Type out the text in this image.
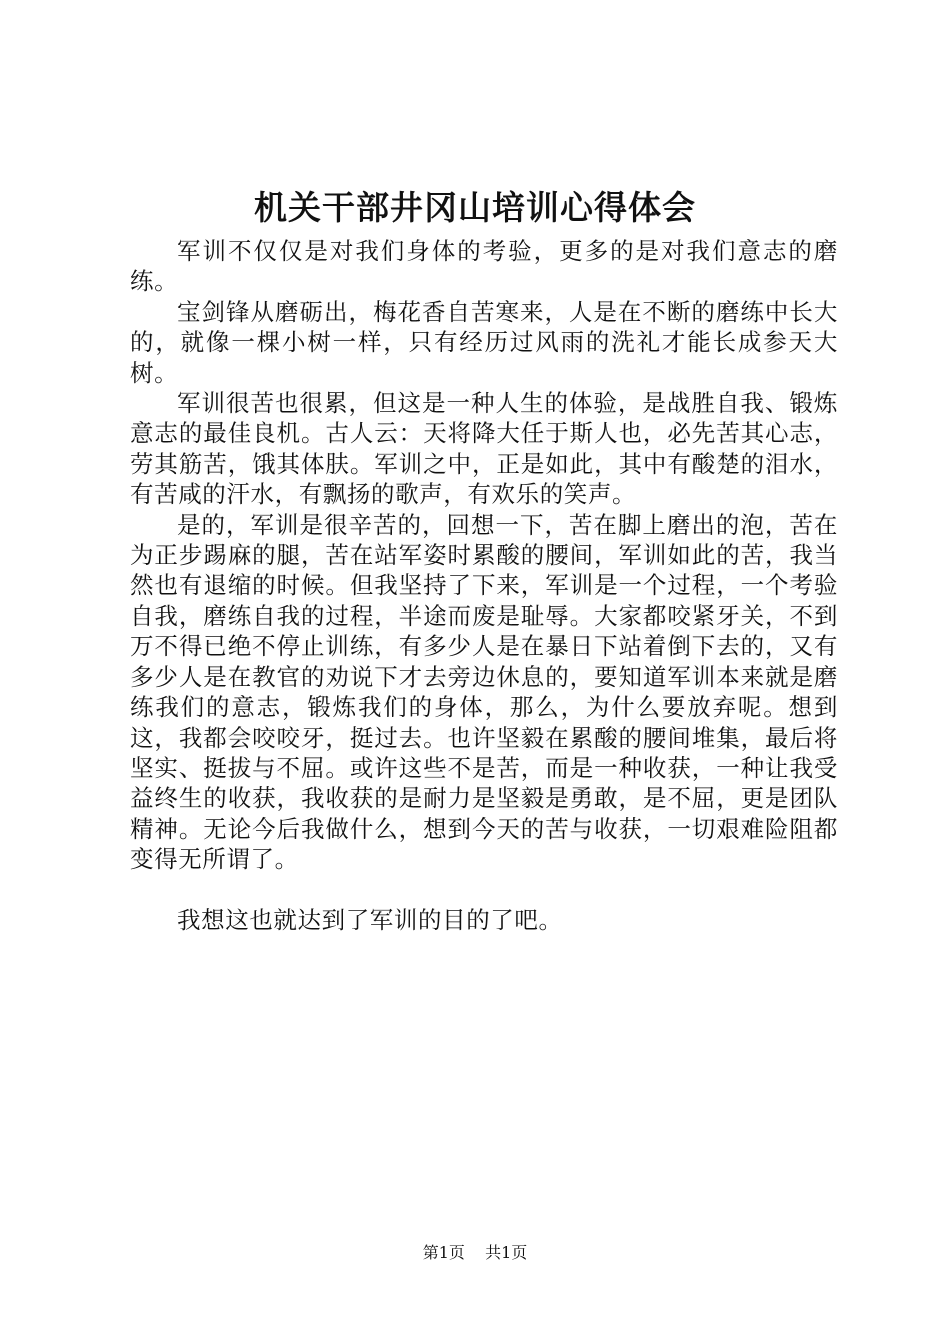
机关干部井冈山培训心得体会

军训不仅仅是对我们身体的考验，更多的是对我们意志的磨练。

宝剑锋从磨砺出，梅花香自苦寒来，人是在不断的磨练中长大的，就像一棵小树一样，只有经历过风雨的洗礼才能长成参天大树。

军训很苦也很累，但这是一种人生的体验，是战胜自我、锻炼意志的最佳良机。古人云：天将降大任于斯人也，必先苦其心志，劳其筋苦，饿其体肤。军训之中，正是如此，其中有酸楚的泪水，有苦咸的汗水，有飘扬的歌声，有欢乐的笑声。

是的，军训是很辛苦的，回想一下，苦在脚上磨出的泡，苦在为正步踢麻的腿，苦在站军姿时累酸的腰间，军训如此的苦，我当然也有退缩的时候。但我坚持了下来，军训是一个过程，一个考验自我，磨练自我的过程，半途而废是耻辱。大家都咬紧牙关，不到万不得已绝不停止训练，有多少人是在暴日下站着倒下去的，又有多少人是在教官的劝说下才去旁边休息的，要知道军训本来就是磨练我们的意志，锻炼我们的身体，那么，为什么要放弃呢。想到这，我都会咬咬牙，挺过去。也许坚毅在累酸的腰间堆集，最后将坚实、挺拔与不屈。或许这些不是苦，而是一种收获，一种让我受益终生的收获，我收获的是耐力是坚毅是勇敢，是不屈，更是团队精神。无论今后我做什么，想到今天的苦与收获，一切艰难险阻都变得无所谓了。

我想这也就达到了军训的目的了吧。

第1页 共1页
